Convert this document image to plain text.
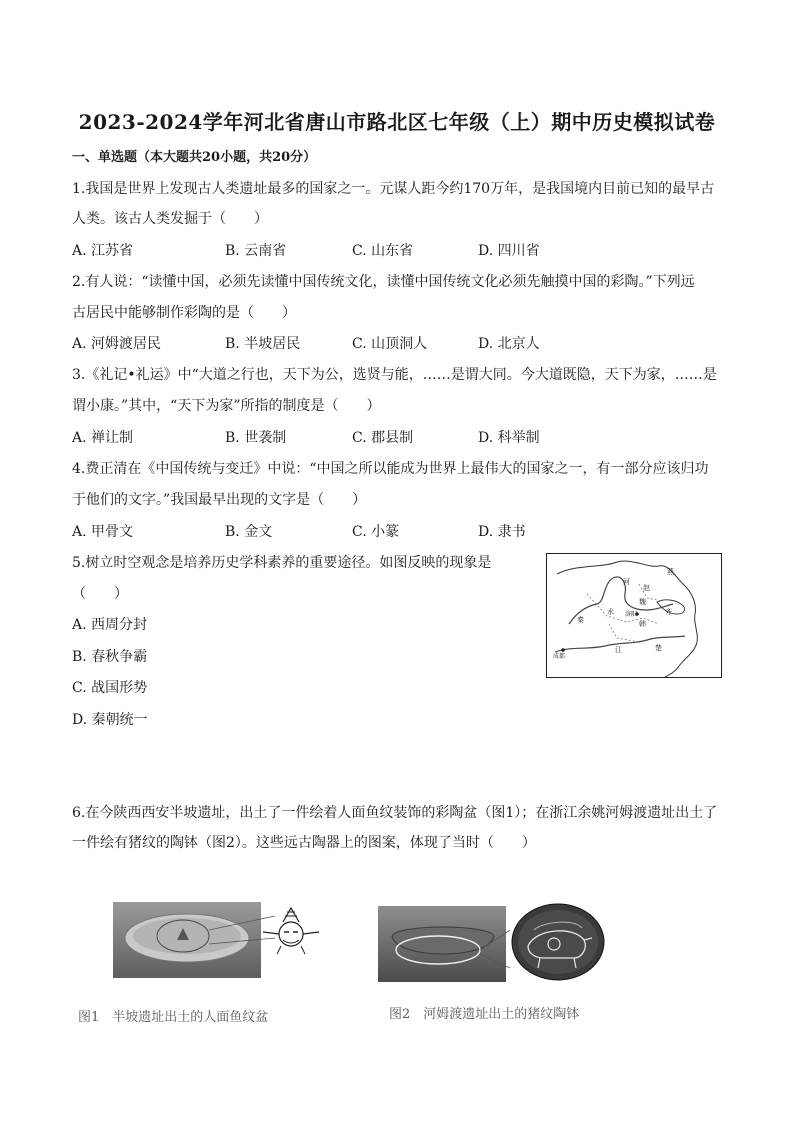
2023-2024学年河北省唐山市路北区七年级（上）期中历史模拟试卷
一、单选题（本大题共20小题，共20分）
1.我国是世界上发现古人类遗址最多的国家之一。元谋人距今约170万年，是我国境内目前已知的最早古
人类。该古人类发掘于（　　）
A. 江苏省	B. 云南省	C. 山东省	D. 四川省
2.有人说：“读懂中国，必须先读懂中国传统文化，读懂中国传统文化必须先触摸中国的彩陶。”下列远
古居民中能够制作彩陶的是（　　）
A. 河姆渡居民	B. 半坡居民	C. 山顶洞人	D. 北京人
3.《礼记•礼运》中“大道之行也，天下为公，选贤与能，……是谓大同。今大道既隐，天下为家，……是
谓小康。”其中，“天下为家”所指的制度是（　　）
A. 禅让制	B. 世袭制	C. 郡县制	D. 科举制
4.费正清在《中国传统与变迁》中说：“中国之所以能成为世界上最伟大的国家之一，有一部分应该归功
于他们的文字。”我国最早出现的文字是（　　）
A. 甲骨文	B. 金文	C. 小篆	D. 隶书
5.树立时空观念是培养历史学科素养的重要途径。如图反映的现象是
（　　）
A. 西周分封
B. 春秋争霸
C. 战国形势
D. 秦朝统一
河
赵
魏
齐
韩
楚
秦
燕
江
水 洛阳
成都
6.在今陕西西安半坡遗址，出土了一件绘着人面鱼纹装饰的彩陶盆（图1）；在浙江余姚河姆渡遗址出土了
一件绘有猪纹的陶钵（图2）。这些远古陶器上的图案，体现了当时（　　）
图1　半坡遗址出土的人面鱼纹盆	图2　河姆渡遗址出土的猪纹陶钵
